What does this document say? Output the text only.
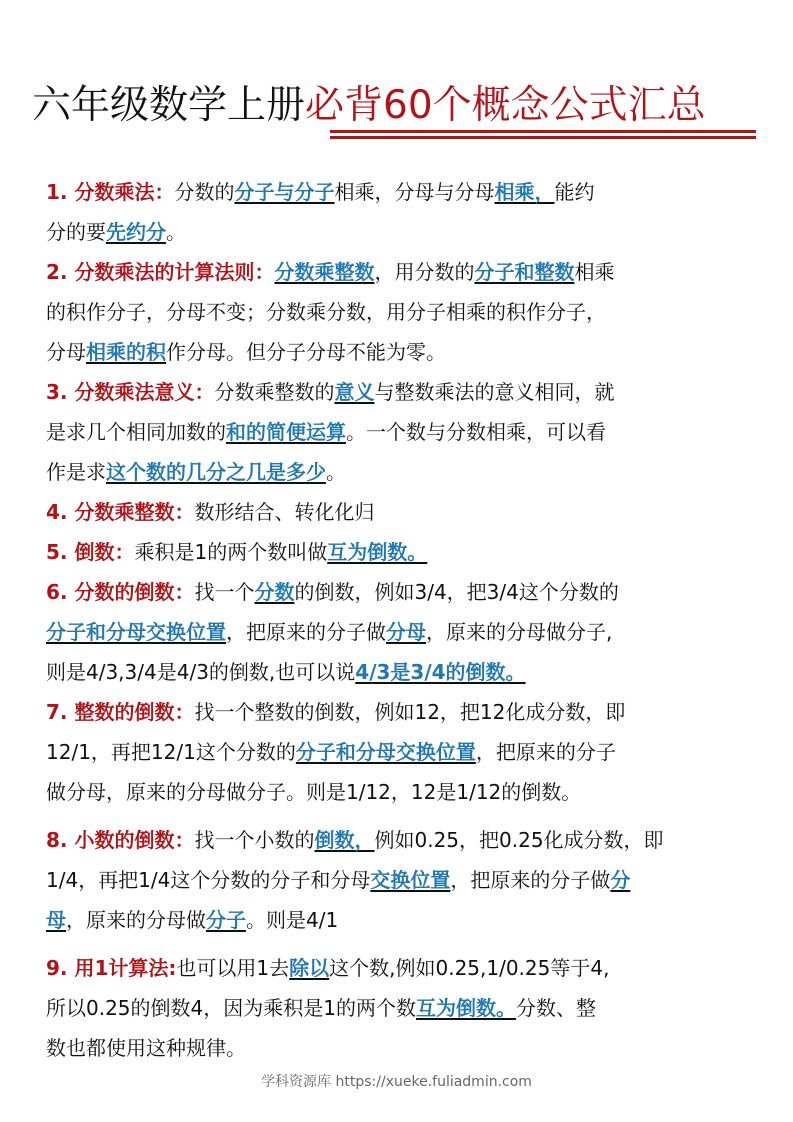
六年级数学上册必背60个概念公式汇总
1. 分数乘法：分数的分子与分子相乘，分母与分母相乘，能约
分的要先约分。
2. 分数乘法的计算法则：分数乘整数，用分数的分子和整数相乘
的积作分子，分母不变；分数乘分数，用分子相乘的积作分子，
分母相乘的积作分母。但分子分母不能为零。
3. 分数乘法意义：分数乘整数的意义与整数乘法的意义相同，就
是求几个相同加数的和的简便运算。一个数与分数相乘，可以看
作是求这个数的几分之几是多少。
4. 分数乘整数：数形结合、转化化归
5. 倒数：乘积是1的两个数叫做互为倒数。
6. 分数的倒数：找一个分数的倒数，例如3/4，把3/4这个分数的
分子和分母交换位置，把原来的分子做分母，原来的分母做分子,
则是4/3,3/4是4/3的倒数,也可以说4/3是3/4的倒数。
7. 整数的倒数：找一个整数的倒数，例如12，把12化成分数，即
12/1，再把12/1这个分数的分子和分母交换位置，把原来的分子
做分母，原来的分母做分子。则是1/12，12是1/12的倒数。
8. 小数的倒数：找一个小数的倒数，例如0.25，把0.25化成分数，即
1/4，再把1/4这个分数的分子和分母交换位置，把原来的分子做分
母，原来的分母做分子。则是4/1
9. 用1计算法:也可以用1去除以这个数,例如0.25,1/0.25等于4,
所以0.25的倒数4，因为乘积是1的两个数互为倒数。分数、整
数也都使用这种规律。
学科资源库 https://xueke.fuliadmin.com
